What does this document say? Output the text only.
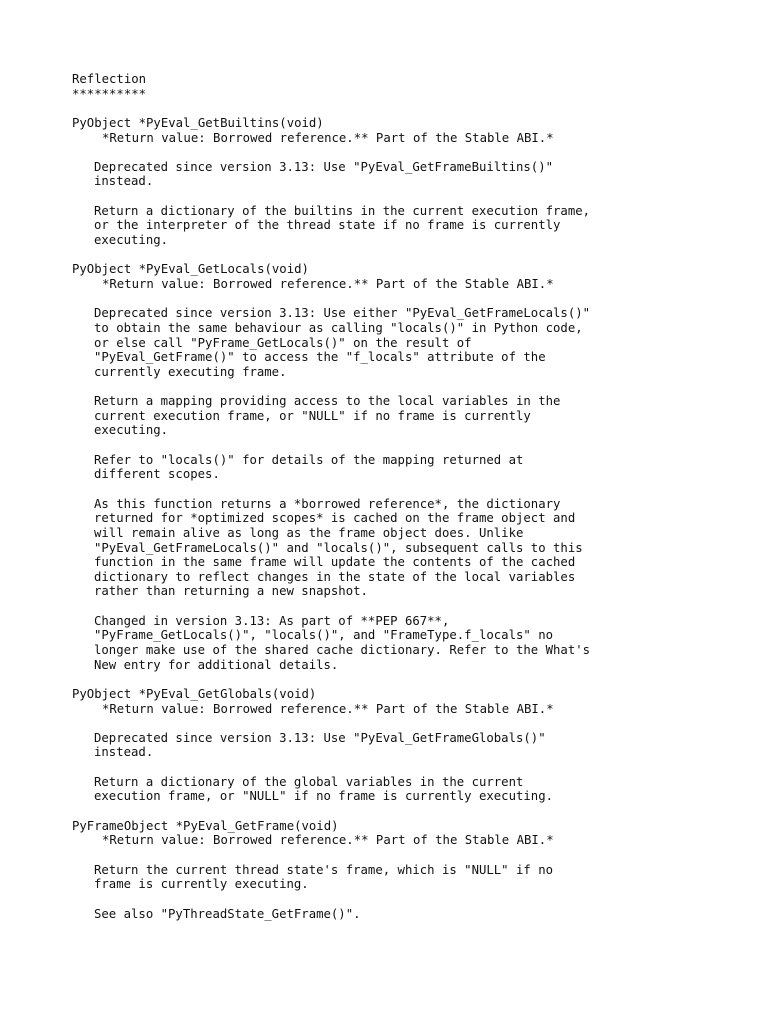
Reflection
**********
PyObject *PyEval_GetBuiltins(void)
*Return value: Borrowed reference.** Part of the Stable ABI.*
Deprecated since version 3.13: Use "PyEval_GetFrameBuiltins()"
instead.
Return a dictionary of the builtins in the current execution frame,
or the interpreter of the thread state if no frame is currently
executing.
PyObject *PyEval_GetLocals(void)
*Return value: Borrowed reference.** Part of the Stable ABI.*
Deprecated since version 3.13: Use either "PyEval_GetFrameLocals()"
to obtain the same behaviour as calling "locals()" in Python code,
or else call "PyFrame_GetLocals()" on the result of
"PyEval_GetFrame()" to access the "f_locals" attribute of the
currently executing frame.
Return a mapping providing access to the local variables in the
current execution frame, or "NULL" if no frame is currently
executing.
Refer to "locals()" for details of the mapping returned at
different scopes.
As this function returns a *borrowed reference*, the dictionary
returned for *optimized scopes* is cached on the frame object and
will remain alive as long as the frame object does. Unlike
"PyEval_GetFrameLocals()" and "locals()", subsequent calls to this
function in the same frame will update the contents of the cached
dictionary to reflect changes in the state of the local variables
rather than returning a new snapshot.
Changed in version 3.13: As part of **PEP 667**,
"PyFrame_GetLocals()", "locals()", and "FrameType.f_locals" no
longer make use of the shared cache dictionary. Refer to the What's
New entry for additional details.
PyObject *PyEval_GetGlobals(void)
*Return value: Borrowed reference.** Part of the Stable ABI.*
Deprecated since version 3.13: Use "PyEval_GetFrameGlobals()"
instead.
Return a dictionary of the global variables in the current
execution frame, or "NULL" if no frame is currently executing.
PyFrameObject *PyEval_GetFrame(void)
*Return value: Borrowed reference.** Part of the Stable ABI.*
Return the current thread state's frame, which is "NULL" if no
frame is currently executing.
See also "PyThreadState_GetFrame()".
